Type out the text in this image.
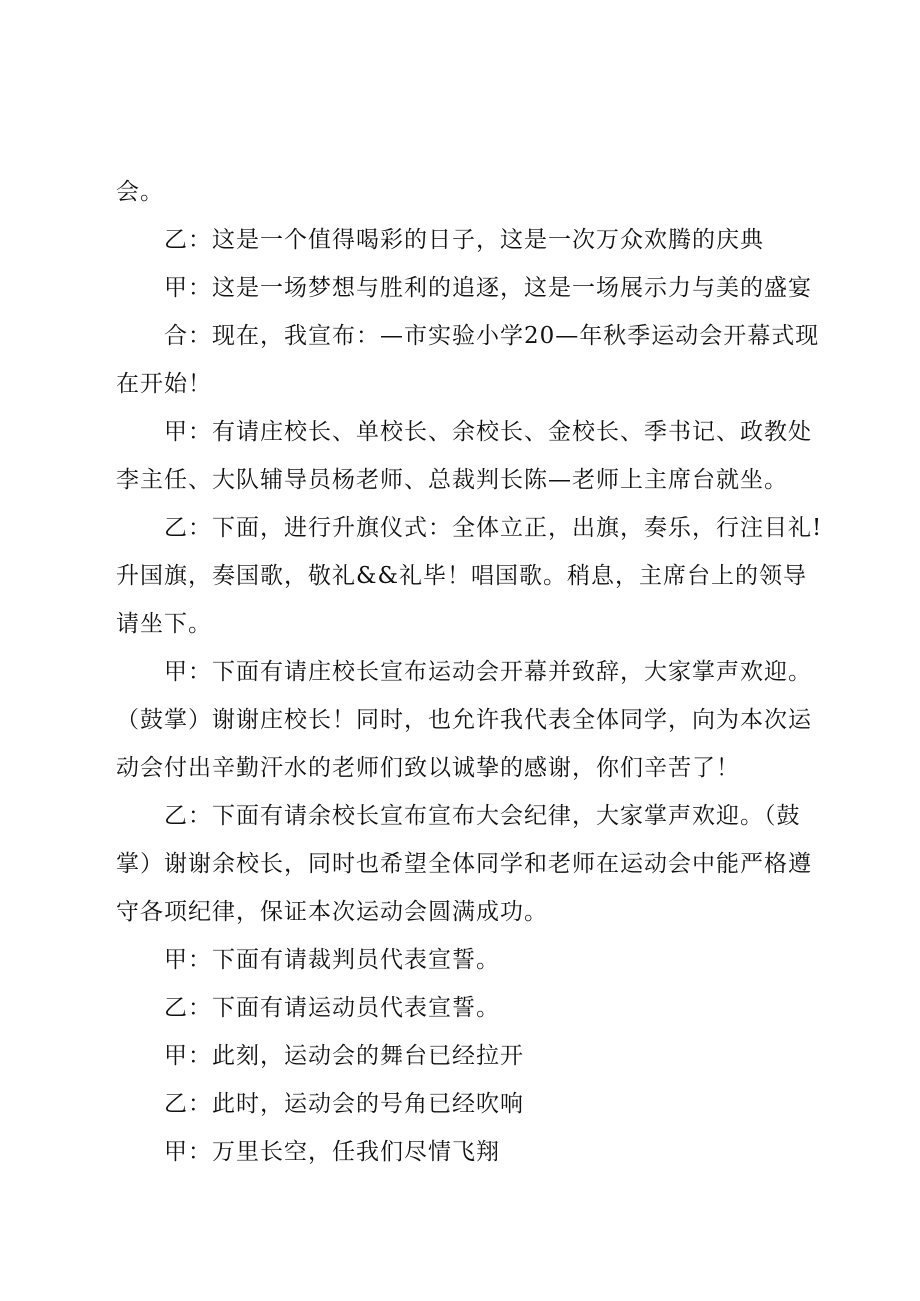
会。

乙：这是一个值得喝彩的日子，这是一次万众欢腾的庆典

甲：这是一场梦想与胜利的追逐，这是一场展示力与美的盛宴

合：现在，我宣布：—市实验小学20—年秋季运动会开幕式现在开始！

甲：有请庄校长、单校长、余校长、金校长、季书记、政教处李主任、大队辅导员杨老师、总裁判长陈—老师上主席台就坐。

乙：下面，进行升旗仪式：全体立正，出旗，奏乐，行注目礼!升国旗，奏国歌，敬礼&&礼毕！唱国歌。稍息，主席台上的领导请坐下。

甲：下面有请庄校长宣布运动会开幕并致辞，大家掌声欢迎。（鼓掌）谢谢庄校长！同时，也允许我代表全体同学，向为本次运动会付出辛勤汗水的老师们致以诚挚的感谢，你们辛苦了！

乙：下面有请余校长宣布宣布大会纪律，大家掌声欢迎。（鼓掌）谢谢余校长，同时也希望全体同学和老师在运动会中能严格遵守各项纪律，保证本次运动会圆满成功。

甲：下面有请裁判员代表宣誓。

乙：下面有请运动员代表宣誓。

甲：此刻，运动会的舞台已经拉开

乙：此时，运动会的号角已经吹响

甲：万里长空，任我们尽情飞翔
